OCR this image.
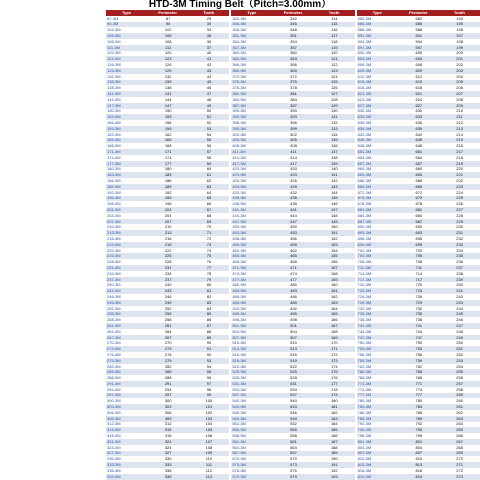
HTD-3M Timing Belt（Pitch=3.00mm）
Type	Perimeter	Tooth
87-3M	87	29
90-3M	90	30
102-3M	102	34
105-3M	105	35
108-3M	108	36
111-3M	111	37
120-3M	120	40
123-3M	123	41
126-3M	126	42
129-3M	129	43
132-3M	132	44
135-3M	135	45
138-3M	138	46
141-3M	141	47
144-3M	144	48
147-3M	147	49
150-3M	150	50
153-3M	153	51
156-3M	156	52
159-3M	159	53
162-3M	162	54
165-3M	165	55
168-3M	168	56
171-3M	171	57
174-3M	174	58
177-3M	177	59
180-3M	180	60
183-3M	183	61
186-3M	186	62
189-3M	189	63
192-3M	192	64
195-3M	195	65
198-3M	198	66
201-3M	201	67
204-3M	204	68
207-3M	207	69
210-3M	210	70
213-3M	213	71
216-3M	216	72
219-3M	219	73
222-3M	222	74
225-3M	225	75
228-3M	228	76
231-3M	231	77
234-3M	234	78
237-3M	237	79
240-3M	240	80
243-3M	243	81
246-3M	246	82
249-3M	249	83
252-3M	252	84
255-3M	255	85
258-3M	258	86
261-3M	261	87
264-3M	264	88
267-3M	267	89
270-3M	270	90
273-3M	273	91
276-3M	276	92
279-3M	279	93
282-3M	282	94
285-3M	285	95
288-3M	288	96
291-3M	291	97
294-3M	294	98
297-3M	297	99
300-3M	300	100
303-3M	303	101
306-3M	306	102
309-3M	309	103
312-3M	312	104
315-3M	315	105
318-3M	318	106
321-3M	321	107
324-3M	324	108
327-3M	327	109
330-3M	330	110
333-3M	333	111
336-3M	336	112
339-3M	339	113
Type	Perimeter	Tooth
342-3M	342	114
345-3M	345	115
348-3M	348	116
351-3M	351	117
354-3M	354	118
357-3M	357	119
360-3M	360	120
363-3M	363	121
366-3M	366	122
369-3M	369	123
372-3M	372	124
375-3M	375	125
378-3M	378	126
381-3M	381	127
384-3M	384	128
387-3M	387	129
390-3M	390	130
393-3M	393	131
396-3M	396	132
399-3M	399	133
402-3M	402	134
405-3M	405	135
408-3M	408	136
411-3M	411	137
414-3M	414	138
417-3M	417	139
420-3M	420	140
423-3M	423	141
426-3M	426	142
429-3M	429	143
432-3M	432	144
435-3M	435	145
438-3M	438	146
441-3M	441	147
444-3M	444	148
447-3M	447	149
450-3M	450	150
453-3M	453	151
456-3M	456	152
459-3M	459	153
462-3M	462	154
465-3M	465	155
468-3M	468	156
471-3M	471	157
474-3M	474	158
477-3M	477	159
480-3M	480	160
483-3M	483	161
486-3M	486	162
489-3M	489	163
492-3M	492	164
495-3M	495	165
498-3M	498	166
501-3M	501	167
504-3M	504	168
507-3M	507	169
510-3M	510	170
513-3M	513	171
516-3M	516	172
519-3M	519	173
522-3M	522	174
525-3M	525	175
528-3M	528	176
531-3M	531	177
534-3M	534	178
537-3M	537	179
540-3M	540	180
543-3M	543	181
546-3M	546	182
549-3M	549	183
552-3M	552	184
555-3M	555	185
558-3M	558	186
561-3M	561	187
564-3M	564	188
567-3M	567	189
570-3M	570	190
573-3M	573	191
576-3M	576	192
579-3M	579	193
Type	Perimeter	Tooth
582-3M	582	194
585-3M	585	195
588-3M	588	196
591-3M	591	197
594-3M	594	198
597-3M	597	199
600-3M	600	200
603-3M	603	201
606-3M	606	202
609-3M	609	203
612-3M	612	204
615-3M	615	205
618-3M	618	206
621-3M	621	207
624-3M	624	208
627-3M	627	209
630-3M	630	210
633-3M	633	211
636-3M	636	212
639-3M	639	213
642-3M	642	214
645-3M	645	215
648-3M	648	216
651-3M	651	217
654-3M	654	218
657-3M	657	219
660-3M	660	220
663-3M	663	221
666-3M	666	222
669-3M	669	223
672-3M	672	224
675-3M	675	225
678-3M	678	226
681-3M	681	227
684-3M	684	228
687-3M	687	229
690-3M	690	230
693-3M	693	231
696-3M	696	232
699-3M	699	233
702-3M	702	234
705-3M	705	235
708-3M	708	236
711-3M	711	237
714-3M	714	238
717-3M	717	239
720-3M	720	240
723-3M	723	241
726-3M	726	242
729-3M	729	243
732-3M	732	244
735-3M	735	245
738-3M	738	246
741-3M	741	247
744-3M	744	248
747-3M	747	249
750-3M	750	250
753-3M	753	251
756-3M	756	252
759-3M	759	253
762-3M	762	254
765-3M	765	255
768-3M	768	256
771-3M	771	257
774-3M	774	258
777-3M	777	259
780-3M	780	260
783-3M	783	261
786-3M	786	262
789-3M	789	263
792-3M	792	264
795-3M	795	265
798-3M	798	266
801-3M	801	267
804-3M	804	268
807-3M	807	269
810-3M	810	270
813-3M	813	271
816-3M	816	272
819-3M	819	273
